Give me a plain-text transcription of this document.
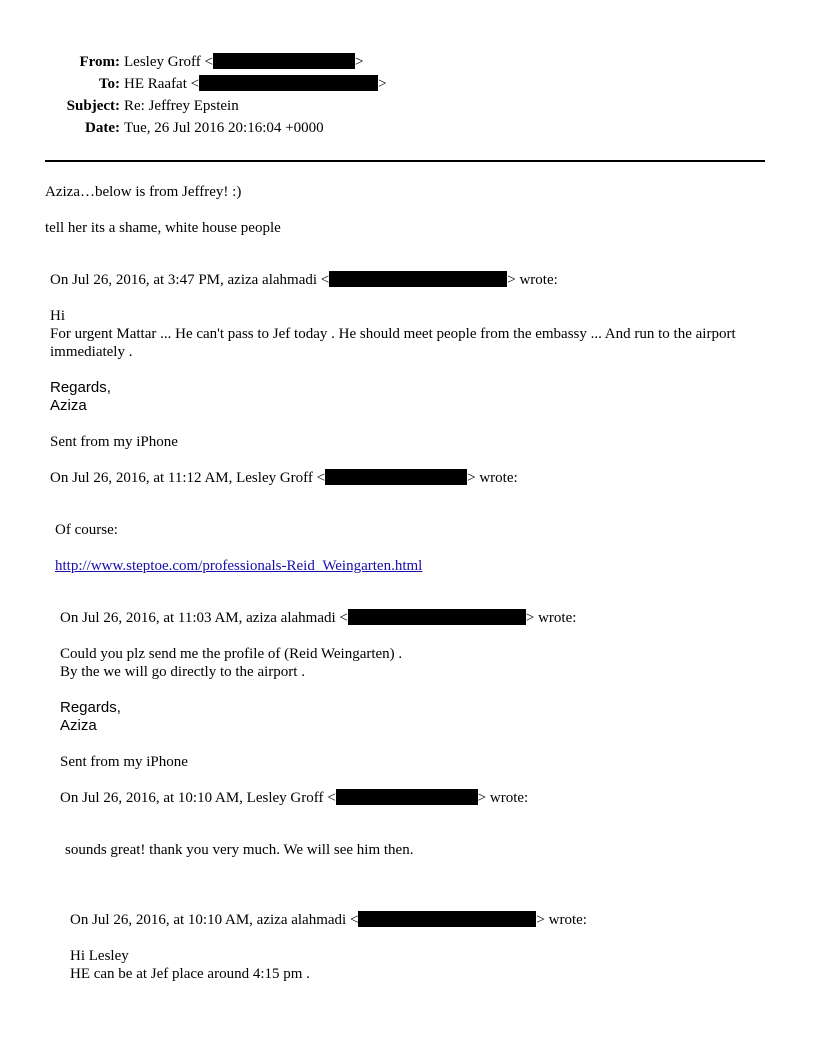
From: Lesley Groff <	>
To: HE Raafat <	>
Subject: Re: Jeffrey Epstein
Date: Tue, 26 Jul 2016 20:16:04 +0000
Aziza…below is from Jeffrey! :)
tell her its a shame, white house people
On Jul 26, 2016, at 3:47 PM, aziza alahmadi <	> wrote:
Hi
For urgent Mattar ... He can't pass to Jef today . He should meet people from the embassy ... And run to the airport immediately .
Regards,
Aziza
Sent from my iPhone
On Jul 26, 2016, at 11:12 AM, Lesley Groff <	> wrote:
Of course:
http://www.steptoe.com/professionals-Reid_Weingarten.html
On Jul 26, 2016, at 11:03 AM, aziza alahmadi <	> wrote:
Could you plz send me the profile of (Reid Weingarten) .
By the we will go directly to the airport .
Regards,
Aziza
Sent from my iPhone
On Jul 26, 2016, at 10:10 AM, Lesley Groff <	> wrote:
sounds great! thank you very much. We will see him then.
On Jul 26, 2016, at 10:10 AM, aziza alahmadi <	> wrote:
Hi Lesley
HE can be at Jef place around 4:15 pm .
